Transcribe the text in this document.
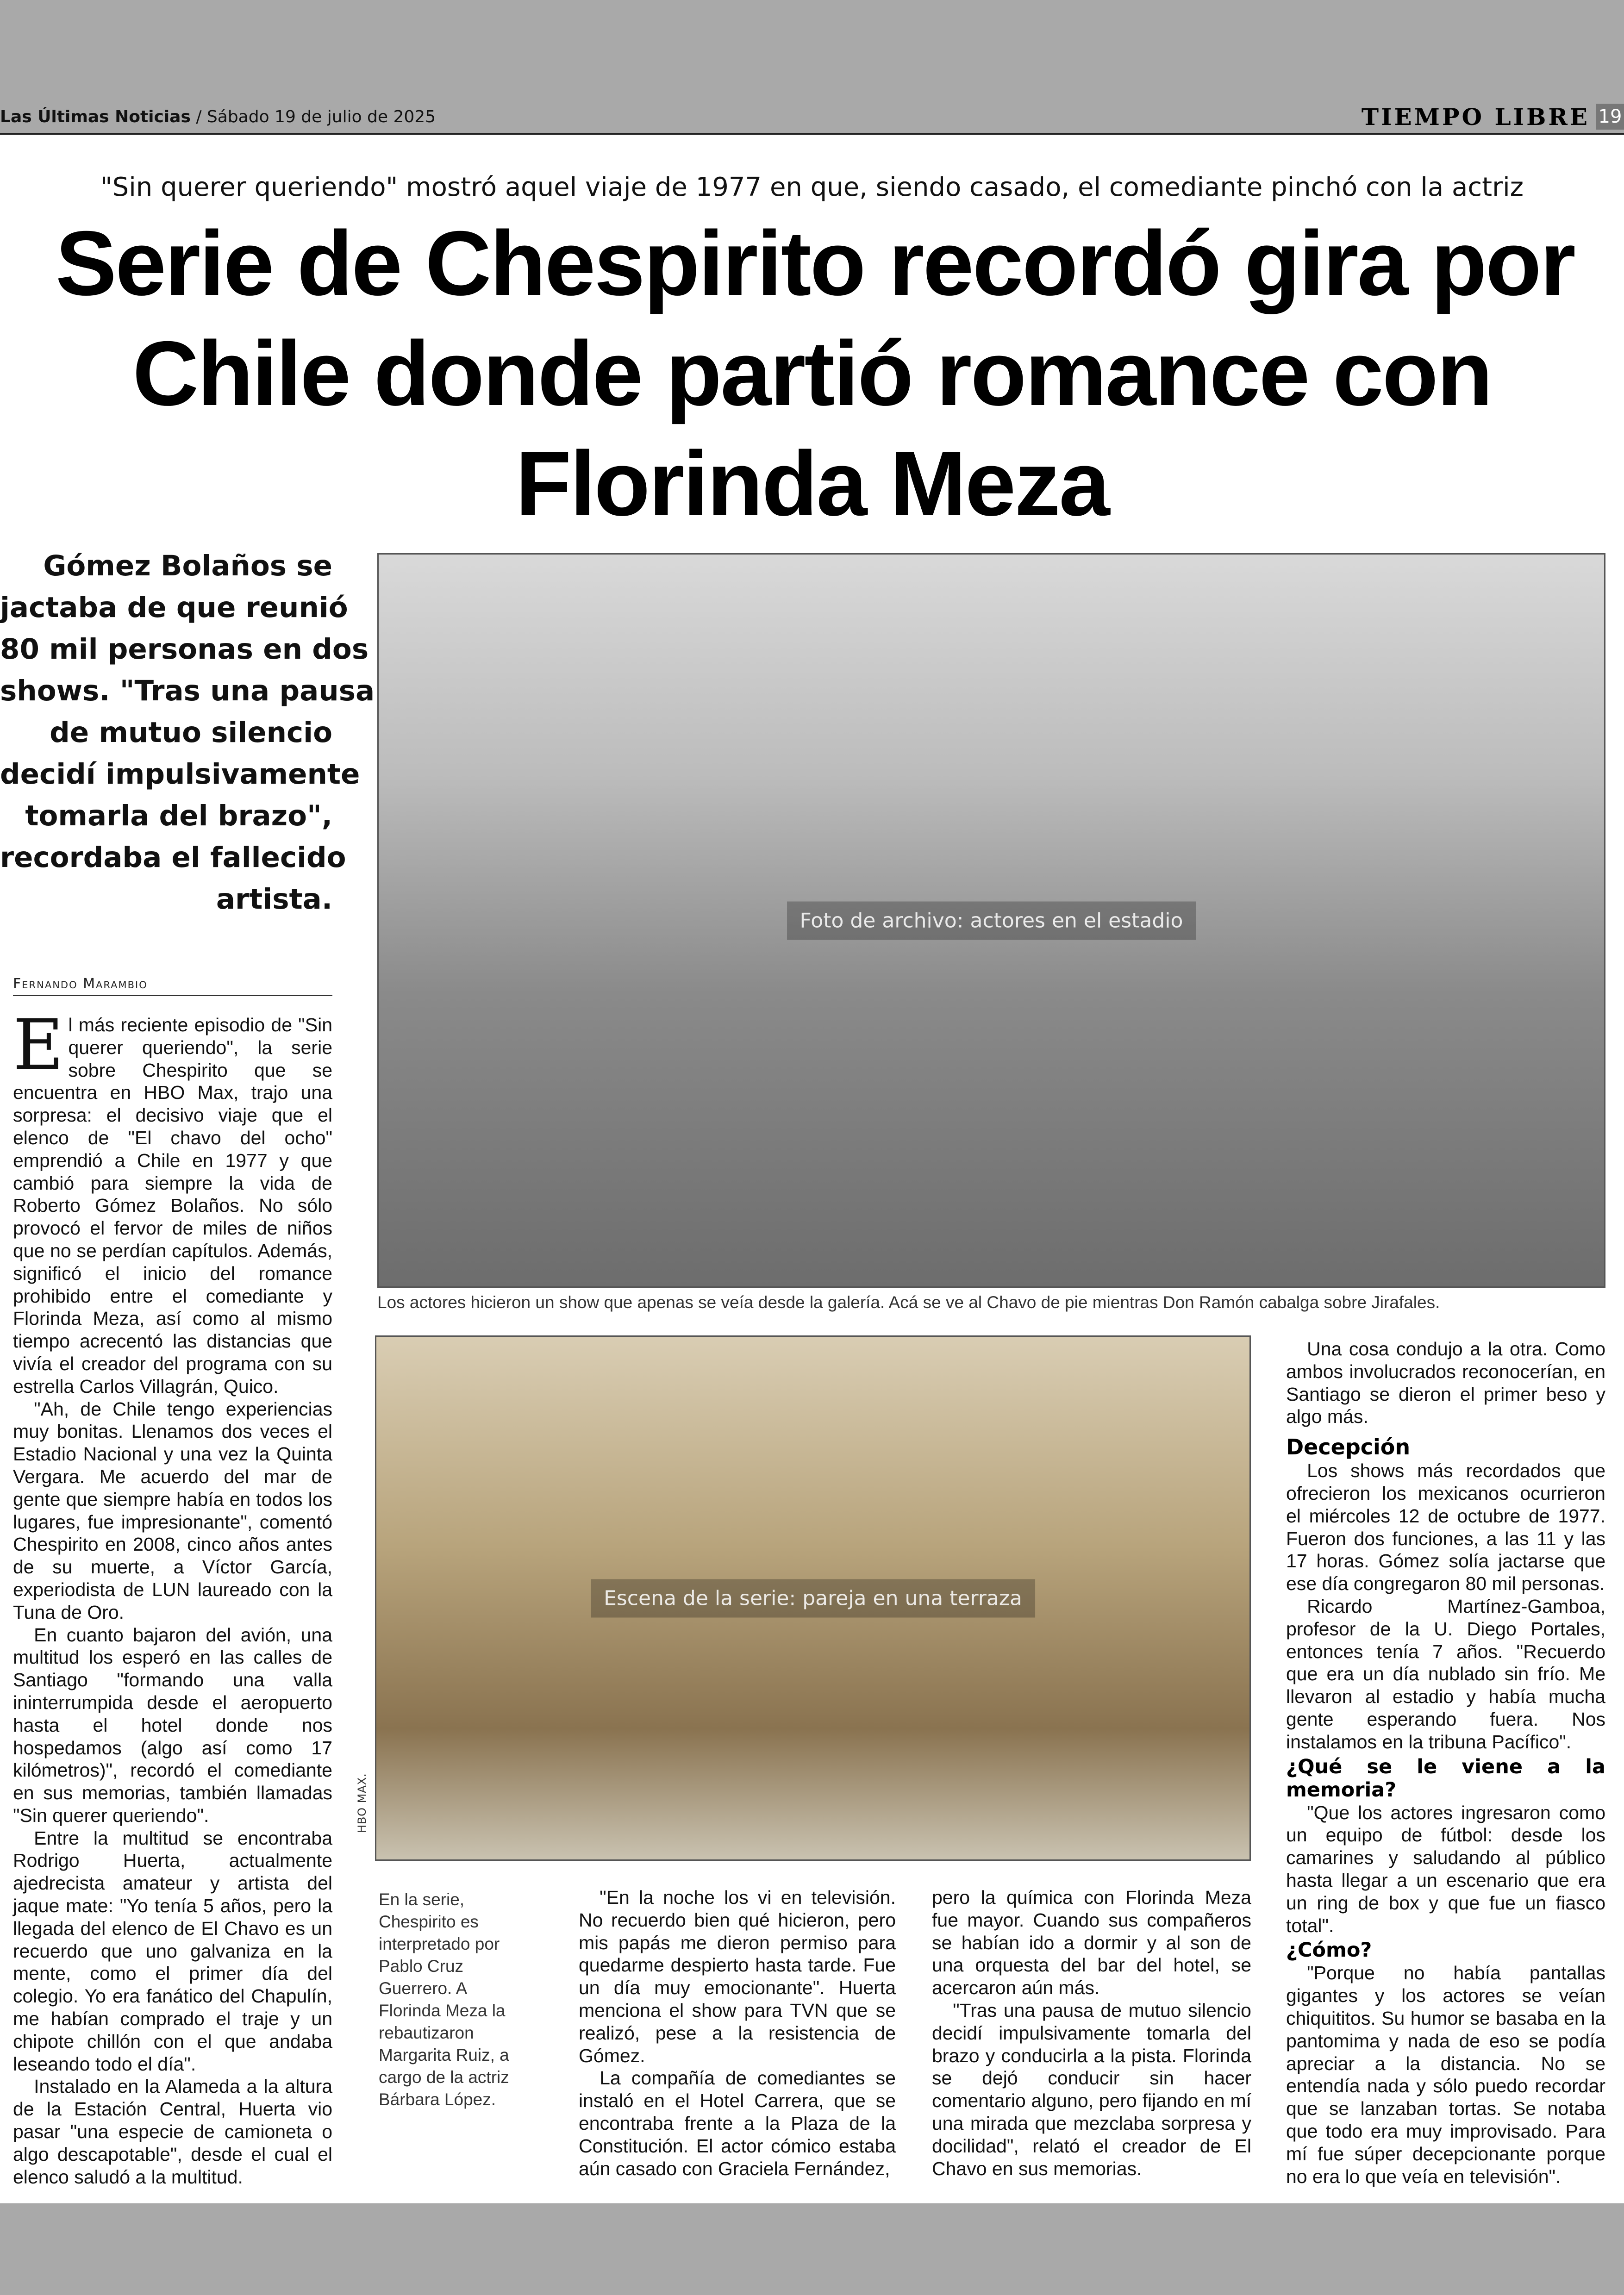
Las Últimas Noticias / Sábado 19 de julio de 2025	TIEMPO LIBRE 19
"Sin querer queriendo" mostró aquel viaje de 1977 en que, siendo casado, el comediante pinchó con la actriz
Serie de Chespirito recordó gira por
Chile donde partió romance con
Florinda Meza
Gómez Bolaños se
jactaba de que reunió
80 mil personas en dos
shows. "Tras una pausa
de mutuo silencio
decidí impulsivamente
tomarla del brazo",
recordaba el fallecido
artista.
Fernando Marambio

El más reciente episodio de "Sin querer queriendo", la serie sobre Chespirito que se encuentra en HBO Max, trajo una sorpresa: el decisivo viaje que el elenco de "El chavo del ocho" emprendió a Chile en 1977 y que cambió para siempre la vida de Roberto Gómez Bolaños. No sólo provocó el fervor de miles de niños que no se perdían capítulos. Además, significó el inicio del romance prohibido entre el comediante y Florinda Meza, así como al mismo tiempo acrecentó las distancias que vivía el creador del programa con su estrella Carlos Villagrán, Quico.

"Ah, de Chile tengo experiencias muy bonitas. Llenamos dos veces el Estadio Nacional y una vez la Quinta Vergara. Me acuerdo del mar de gente que siempre había en todos los lugares, fue impresionante", comentó Chespirito en 2008, cinco años antes de su muerte, a Víctor García, experiodista de LUN laureado con la Tuna de Oro.

En cuanto bajaron del avión, una multitud los esperó en las calles de Santiago "formando una valla ininterrumpida desde el aeropuerto hasta el hotel donde nos hospedamos (algo así como 17 kilómetros)", recordó el comediante en sus memorias, también llamadas "Sin querer queriendo".

Entre la multitud se encontraba Rodrigo Huerta, actualmente ajedrecista amateur y artista del jaque mate: "Yo tenía 5 años, pero la llegada del elenco de El Chavo es un recuerdo que uno galvaniza en la mente, como el primer día del colegio. Yo era fanático del Chapulín, me habían comprado el traje y un chipote chillón con el que andaba leseando todo el día".

Instalado en la Alameda a la altura de la Estación Central, Huerta vio pasar "una especie de camioneta o algo descapotable", desde el cual el elenco saludó a la multitud.

Foto de archivo: actores en el estadio
Los actores hicieron un show que apenas se veía desde la galería. Acá se ve al Chavo de pie mientras Don Ramón cabalga sobre Jirafales.
Escena de la serie: pareja en una terraza
HBO MAX.
En la serie, Chespirito es interpretado por Pablo Cruz Guerrero. A Florinda Meza la rebautizaron Margarita Ruiz, a cargo de la actriz Bárbara López.

"En la noche los vi en televisión. No recuerdo bien qué hicieron, pero mis papás me dieron permiso para quedarme despierto hasta tarde. Fue un día muy emocionante". Huerta menciona el show para TVN que se realizó, pese a la resistencia de Gómez.

La compañía de comediantes se instaló en el Hotel Carrera, que se encontraba frente a la Plaza de la Constitución. El actor cómico estaba aún casado con Graciela Fernández,

pero la química con Florinda Meza fue mayor. Cuando sus compañeros se habían ido a dormir y al son de una orquesta del bar del hotel, se acercaron aún más.

"Tras una pausa de mutuo silencio decidí impulsivamente tomarla del brazo y conducirla a la pista. Florinda se dejó conducir sin hacer comentario alguno, pero fijando en mí una mirada que mezclaba sorpresa y docilidad", relató el creador de El Chavo en sus memorias.

Una cosa condujo a la otra. Como ambos involucrados reconocerían, en Santiago se dieron el primer beso y algo más.

Decepción

Los shows más recordados que ofrecieron los mexicanos ocurrieron el miércoles 12 de octubre de 1977. Fueron dos funciones, a las 11 y las 17 horas. Gómez solía jactarse que ese día congregaron 80 mil personas.

Ricardo Martínez-Gamboa, profesor de la U. Diego Portales, entonces tenía 7 años. "Recuerdo que era un día nublado sin frío. Me llevaron al estadio y había mucha gente esperando fuera. Nos instalamos en la tribuna Pacífico".

¿Qué se le viene a la memoria?

"Que los actores ingresaron como un equipo de fútbol: desde los camarines y saludando al público hasta llegar a un escenario que era un ring de box y que fue un fiasco total".

¿Cómo?

"Porque no había pantallas gigantes y los actores se veían chiquititos. Su humor se basaba en la pantomima y nada de eso se podía apreciar a la distancia. No se entendía nada y sólo puedo recordar que se lanzaban tortas. Se notaba que todo era muy improvisado. Para mí fue súper decepcionante porque no era lo que veía en televisión".
